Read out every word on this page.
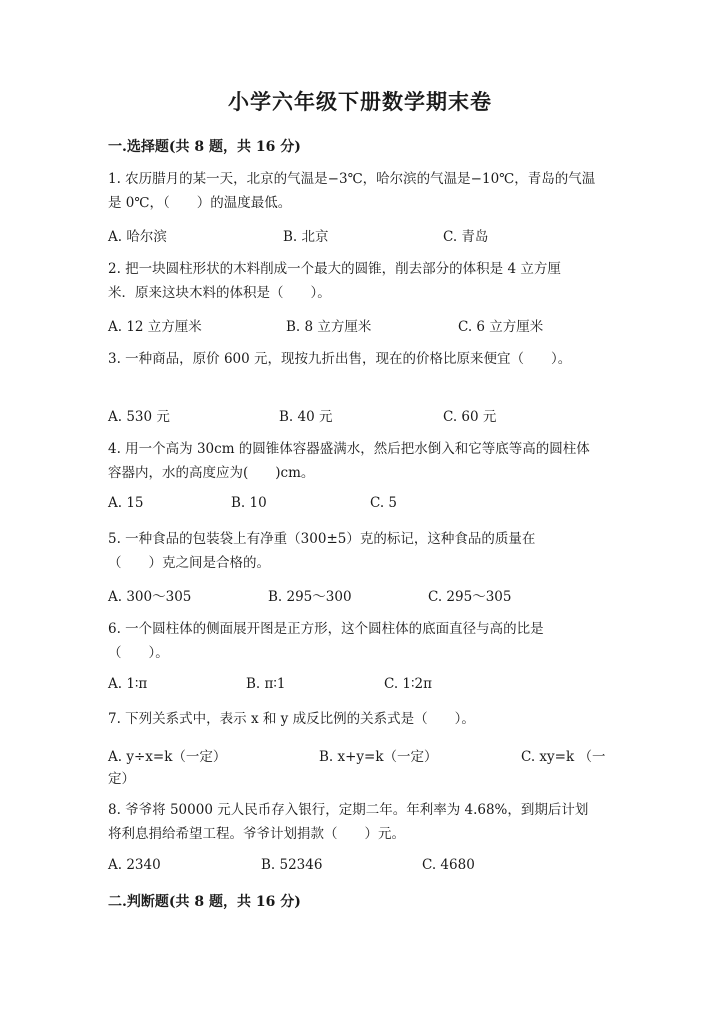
小学六年级下册数学期末卷
一.选择题(共 8 题，共 16 分)
1. 农历腊月的某一天，北京的气温是−3℃，哈尔滨的气温是−10℃，青岛的气温
是 0℃，（　　）的温度最低。
A. 哈尔滨	B. 北京	C. 青岛
2. 把一块圆柱形状的木料削成一个最大的圆锥，削去部分的体积是 4 立方厘
米．原来这块木料的体积是（　　）。
A. 12 立方厘米	B. 8 立方厘米	C. 6 立方厘米
3. 一种商品，原价 600 元，现按九折出售，现在的价格比原来便宜（　　）。
A. 530 元	B. 40 元	C. 60 元
4. 用一个高为 30cm 的圆锥体容器盛满水，然后把水倒入和它等底等高的圆柱体
容器内，水的高度应为(　　)cm。
A. 15	B. 10	C. 5
5. 一种食品的包装袋上有净重（300±5）克的标记，这种食品的质量在
（　　）克之间是合格的。
A. 300～305	B. 295～300	C. 295～305
6. 一个圆柱体的侧面展开图是正方形，这个圆柱体的底面直径与高的比是
（　　）。
A. 1∶π	B. π∶1	C. 1∶2π
7. 下列关系式中，表示 x 和 y 成反比例的关系式是（　　）。
A. y÷x=k（一定）	B. x+y=k（一定）	C. xy=k （一
定）
8. 爷爷将 50000 元人民币存入银行，定期二年。年利率为 4.68%，到期后计划
将利息捐给希望工程。爷爷计划捐款（　　）元。
A. 2340	B. 52346	C. 4680
二.判断题(共 8 题，共 16 分)
